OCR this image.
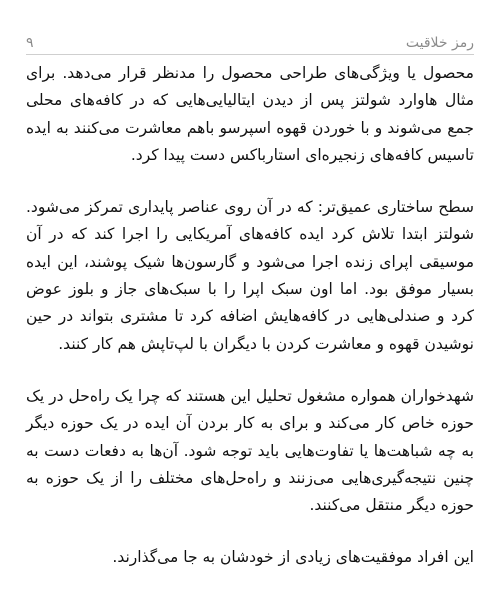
۹	رمز خلاقیت

محصول یا ویژگی‌های طراحی محصول را مدنظر قرار می‌دهد. برای مثال هاوارد شولتز پس از دیدن ایتالیایی‌هایی که در کافه‌های محلی جمع می‌شوند و با خوردن قهوه اسپرسو باهم معاشرت می‌کنند به ایده تاسیس کافه‌های زنجیره‌ای استارباکس دست پیدا کرد.

سطح ساختاری عمیق‌تر: که در آن روی عناصر پایداری تمرکز می‌شود. شولتز ابتدا تلاش کرد ایده کافه‌های آمریکایی را اجرا کند که در آن موسیقی اپرای زنده اجرا می‌شود و گارسون‌ها شیک پوشند، این ایده بسیار موفق بود. اما اون سبک اپرا را با سبک‌های جاز و بلوز عوض کرد و صندلی‌هایی در کافه‌هایش اضافه کرد تا مشتری بتواند در حین نوشیدن قهوه و معاشرت کردن با دیگران با لپ‌تاپش هم کار کنند.

شهدخواران همواره مشغول تحلیل این هستند که چرا یک راه‌حل در یک حوزه خاص کار می‌کند و برای به کار بردن آن ایده در یک حوزه دیگر به چه شباهت‌ها یا تفاوت‌هایی باید توجه شود. آن‌ها به دفعات دست به چنین نتیجه‌گیری‌هایی می‌زنند و راه‌حل‌های مختلف را از یک حوزه به حوزه دیگر منتقل می‌کنند.

این افراد موفقیت‌های زیادی از خودشان به جا می‌گذارند.
